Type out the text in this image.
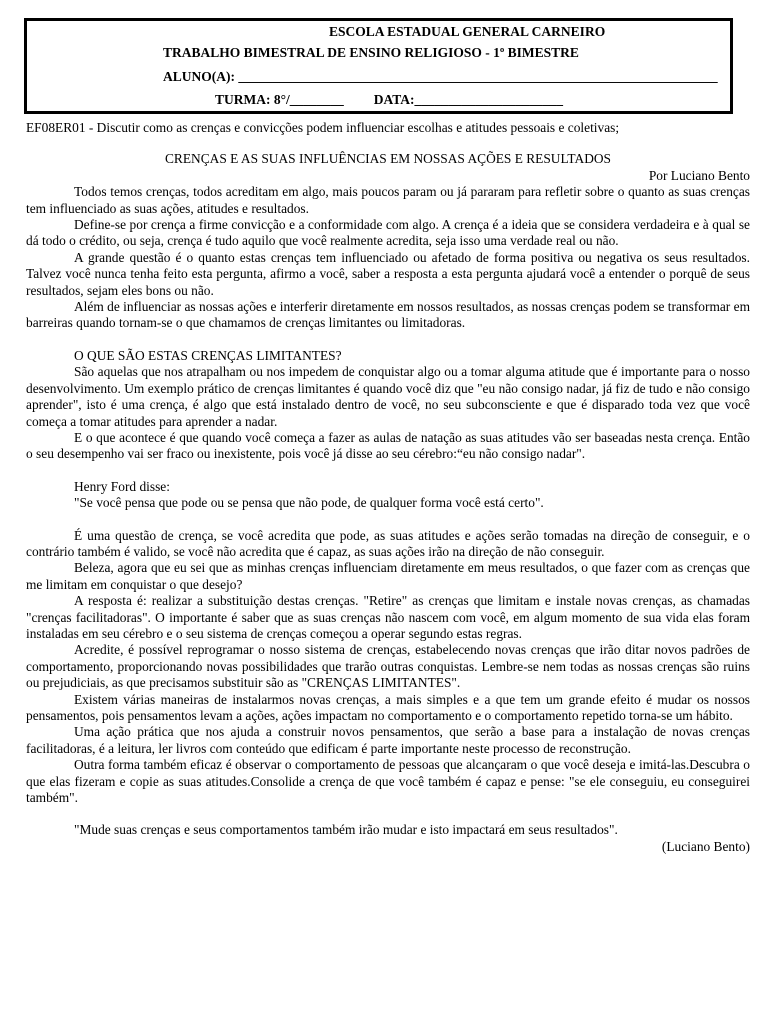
ESCOLA ESTADUAL GENERAL CARNEIRO
TRABALHO BIMESTRAL DE ENSINO RELIGIOSO - 1º BIMESTRE
ALUNO(A): _______________________________________________________________________
TURMA: 8°/________ DATA:______________________

EF08ER01 - Discutir como as crenças e convicções podem influenciar escolhas e atitudes pessoais e coletivas;

CRENÇAS E AS SUAS INFLUÊNCIAS EM NOSSAS AÇÕES E RESULTADOS

Por Luciano Bento

Todos temos crenças, todos acreditam em algo, mais poucos param ou já pararam para refletir sobre o quanto as suas crenças tem influenciado as suas ações, atitudes e resultados.

Define-se por crença a firme convicção e a conformidade com algo. A crença é a ideia que se considera verdadeira e à qual se dá todo o crédito, ou seja, crença é tudo aquilo que você realmente acredita, seja isso uma verdade real ou não.

A grande questão é o quanto estas crenças tem influenciado ou afetado de forma positiva ou negativa os seus resultados. Talvez você nunca tenha feito esta pergunta, afirmo a você, saber a resposta a esta pergunta ajudará você a entender o porquê de seus resultados, sejam eles bons ou não.

Além de influenciar as nossas ações e interferir diretamente em nossos resultados, as nossas crenças podem se transformar em barreiras quando tornam-se o que chamamos de crenças limitantes ou limitadoras.

O QUE SÃO ESTAS CRENÇAS LIMITANTES?

São aquelas que nos atrapalham ou nos impedem de conquistar algo ou a tomar alguma atitude que é importante para o nosso desenvolvimento. Um exemplo prático de crenças limitantes é quando você diz que "eu não consigo nadar, já fiz de tudo e não consigo aprender", isto é uma crença, é algo que está instalado dentro de você, no seu subconsciente e que é disparado toda vez que você começa a tomar atitudes para aprender a nadar.

E o que acontece é que quando você começa a fazer as aulas de natação as suas atitudes vão ser baseadas nesta crença. Então o seu desempenho vai ser fraco ou inexistente, pois você já disse ao seu cérebro:“eu não consigo nadar".

Henry Ford disse:

"Se você pensa que pode ou se pensa que não pode, de qualquer forma você está certo".

É uma questão de crença, se você acredita que pode, as suas atitudes e ações serão tomadas na direção de conseguir, e o contrário também é valido, se você não acredita que é capaz, as suas ações irão na direção de não conseguir.

Beleza, agora que eu sei que as minhas crenças influenciam diretamente em meus resultados, o que fazer com as crenças que me limitam em conquistar o que desejo?

A resposta é: realizar a substituição destas crenças. "Retire" as crenças que limitam e instale novas crenças, as chamadas "crenças facilitadoras". O importante é saber que as suas crenças não nascem com você, em algum momento de sua vida elas foram instaladas em seu cérebro e o seu sistema de crenças começou a operar segundo estas regras.

Acredite, é possível reprogramar o nosso sistema de crenças, estabelecendo novas crenças que irão ditar novos padrões de comportamento, proporcionando novas possibilidades que trarão outras conquistas. Lembre-se nem todas as nossas crenças são ruins ou prejudiciais, as que precisamos substituir são as "CRENÇAS LIMITANTES".

Existem várias maneiras de instalarmos novas crenças, a mais simples e a que tem um grande efeito é mudar os nossos pensamentos, pois pensamentos levam a ações, ações impactam no comportamento e o comportamento repetido torna-se um hábito.

Uma ação prática que nos ajuda a construir novos pensamentos, que serão a base para a instalação de novas crenças facilitadoras, é a leitura, ler livros com conteúdo que edificam é parte importante neste processo de reconstrução.

Outra forma também eficaz é observar o comportamento de pessoas que alcançaram o que você deseja e imitá-las.Descubra o que elas fizeram e copie as suas atitudes.Consolide a crença de que você também é capaz e pense: "se ele conseguiu, eu conseguirei também".

"Mude suas crenças e seus comportamentos também irão mudar e isto impactará em seus resultados".

(Luciano Bento)
